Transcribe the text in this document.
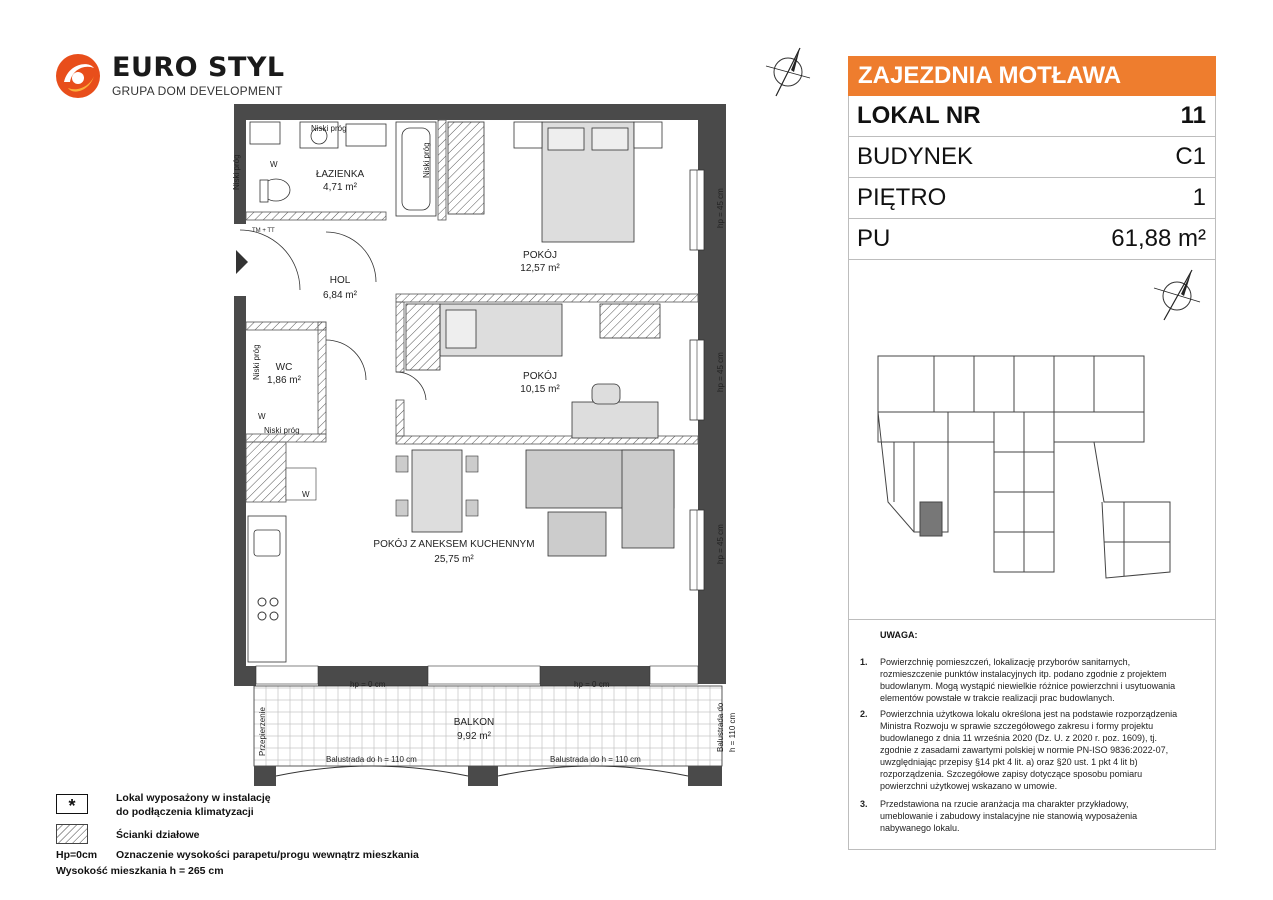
EURO STYL
GRUPA DOM DEVELOPMENT
ŁAZIENKA
4,71 m²
POKÓJ
12,57 m²
HOL
6,84 m²
POKÓJ
10,15 m²
WC
1,86 m²
POKÓJ Z ANEKSEM KUCHENNYM
25,75 m²
BALKON
9,92 m²
Niski próg
Niski próg	Niski próg
Niski próg
Niski próg
W
W
W
TM + TT
hp = 45 cm
hp = 45 cm
hp = 45 cm
hp = 0 cm	hp = 0 cm
Balustrada do h = 110 cm	Balustrada do h = 110 cm
Balustrada do h = 110 cm
Przepierzenie
ZAJEZDNIA MOTŁAWA
LOKAL NR	11
BUDYNEK	C1
PIĘTRO	1
PU	61,88 m²
UWAGA:
1. Powierzchnię pomieszczeń, lokalizację przyborów sanitarnych,
rozmieszczenie punktów instalacyjnych itp. podano zgodnie z projektem
budowlanym. Mogą wystąpić niewielkie różnice powierzchni i usytuowania
elementów powstałe w trakcie realizacji prac budowlanych.
2. Powierzchnia użytkowa lokalu określona jest na podstawie rozporządzenia
Ministra Rozwoju w sprawie szczegółowego zakresu i formy projektu
budowlanego z dnia 11 września 2020 (Dz. U. z 2020 r. poz. 1609), tj.
zgodnie z zasadami zawartymi polskiej w normie PN-ISO 9836:2022-07,
uwzględniając przepisy §14 pkt 4 lit. a) oraz §20 ust. 1 pkt 4 lit b)
rozporządzenia. Szczegółowe zapisy dotyczące sposobu pomiaru
powierzchni użytkowej wskazano w umowie.
3. Przedstawiona na rzucie aranżacja ma charakter przykładowy,
umeblowanie i zabudowy instalacyjne nie stanowią wyposażenia
nabywanego lokalu.
*	Lokal wyposażony w instalację
do podłączenia klimatyzacji
Ścianki działowe
Hp=0cm Oznaczenie wysokości parapetu/progu wewnątrz mieszkania
Wysokość mieszkania h = 265 cm
